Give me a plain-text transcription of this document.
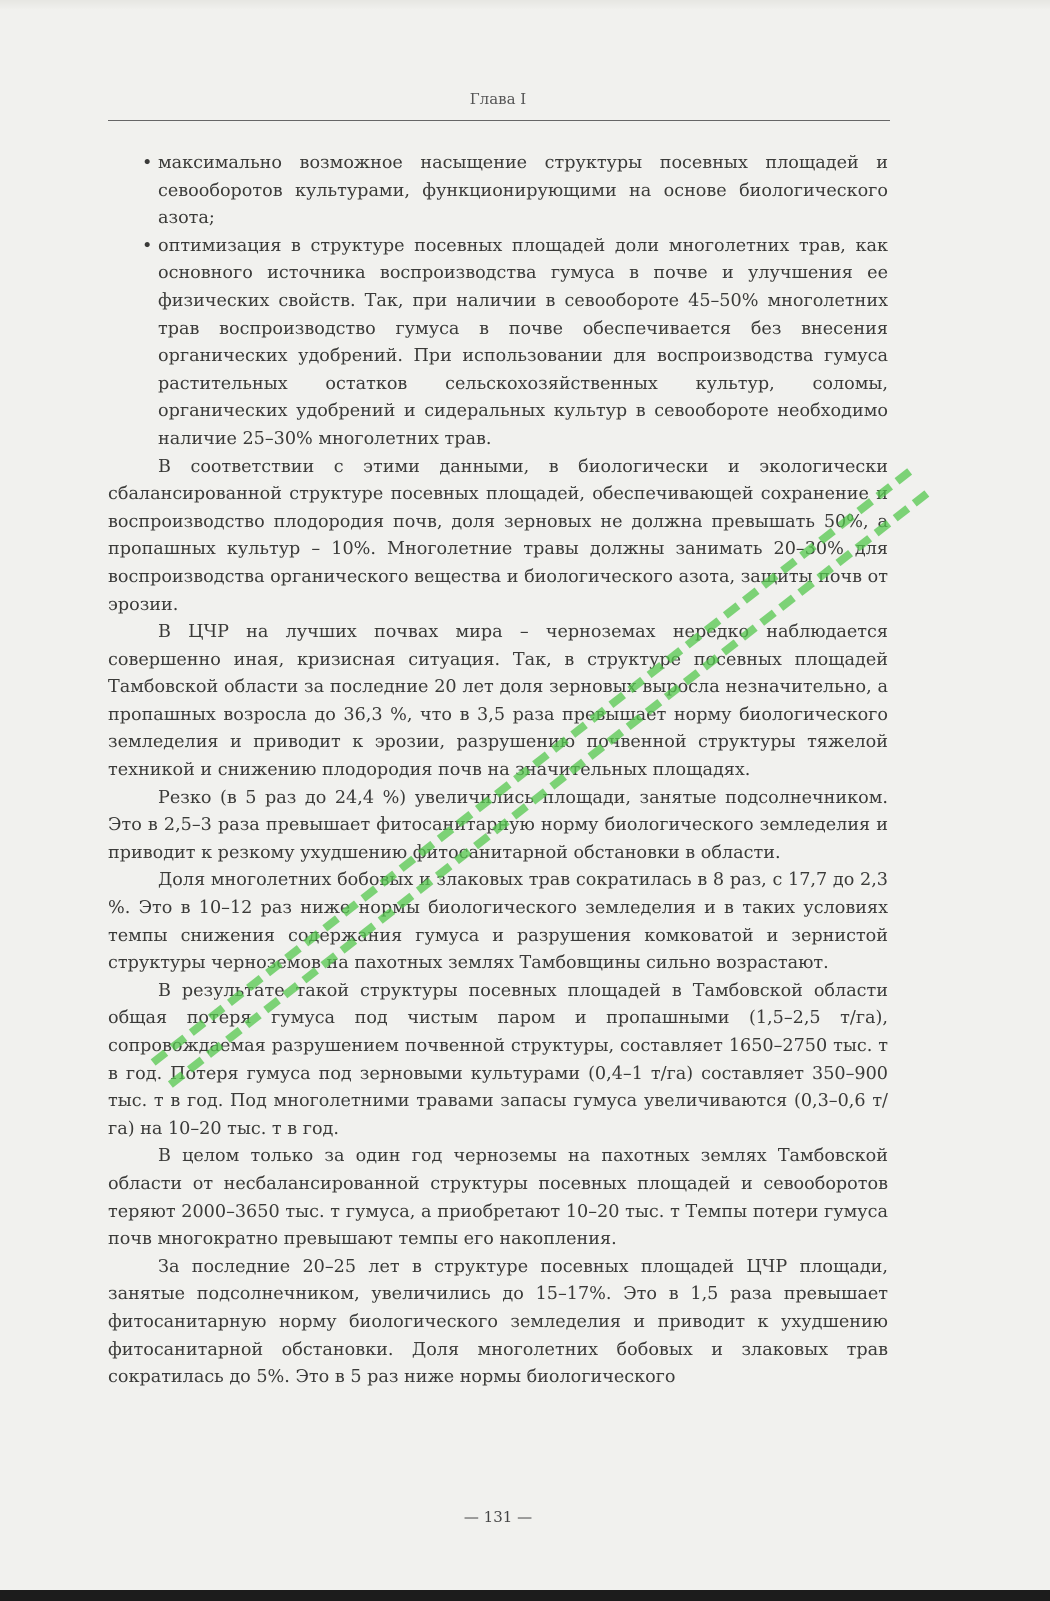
Глава I
• максимально возможное насыщение структуры посевных площадей и севооборотов культурами, функционирующими на основе биологического азота;
• оптимизация в структуре посевных площадей доли многолетних трав, как основного источника воспроизводства гумуса в почве и улучшения ее физических свойств. Так, при наличии в севообороте 45–50% многолетних трав воспроизводство гумуса в почве обеспечивается без внесения органических удобрений. При использовании для воспроизводства гумуса растительных остатков сельскохозяйственных культур, соломы, органических удобрений и сидеральных культур в севообороте необходимо наличие 25–30% многолетних трав.

В соответствии с этими данными, в биологически и экологически сбалансированной структуре посевных площадей, обеспечивающей сохранение и воспроизводство плодородия почв, доля зерновых не должна превышать 50%, а пропашных культур – 10%. Многолетние травы должны занимать 20–30% для воспроизводства органического вещества и биологического азота, защиты почв от эрозии.

В ЦЧР на лучших почвах мира – черноземах нередко наблюдается совершенно иная, кризисная ситуация. Так, в структуре посевных площадей Тамбовской области за последние 20 лет доля зерновых выросла незначительно, а пропашных возросла до 36,3 %, что в 3,5 раза превышает норму биологического земледелия и приводит к эрозии, разрушению почвенной структуры тяжелой техникой и снижению плодородия почв на значительных площадях.

Резко (в 5 раз до 24,4 %) увеличились площади, занятые подсолнечником. Это в 2,5–3 раза превышает фитосанитарную норму биологического земледелия и приводит к резкому ухудшению фитосанитарной обстановки в области.

Доля многолетних бобовых и злаковых трав сократилась в 8 раз, с 17,7 до 2,3 %. Это в 10–12 раз ниже нормы биологического земледелия и в таких условиях темпы снижения содержания гумуса и разрушения комковатой и зернистой структуры черноземов на пахотных землях Тамбовщины сильно возрастают.

В результате такой структуры посевных площадей в Тамбовской области общая потеря гумуса под чистым паром и пропашными (1,5–2,5 т/га), сопровождаемая разрушением почвенной структуры, составляет 1650–2750 тыс. т в год. Потеря гумуса под зерновыми культурами (0,4–1 т/га) составляет 350–900 тыс. т в год. Под многолетними травами запасы гумуса увеличиваются (0,3–0,6 т/га) на 10–20 тыс. т в год.

В целом только за один год черноземы на пахотных землях Тамбовской области от несбалансированной структуры посевных площадей и севооборотов теряют 2000–3650 тыс. т гумуса, а приобретают 10–20 тыс. т Темпы потери гумуса почв многократно превышают темпы его накопления.

За последние 20–25 лет в структуре посевных площадей ЦЧР площади, занятые подсолнечником, увеличились до 15–17%. Это в 1,5 раза превышает фитосанитарную норму биологического земледелия и приводит к ухудшению фитосанитарной обстановки. Доля многолетних бобовых и злаковых трав сократилась до 5%. Это в 5 раз ниже нормы биологического

— 131 —
